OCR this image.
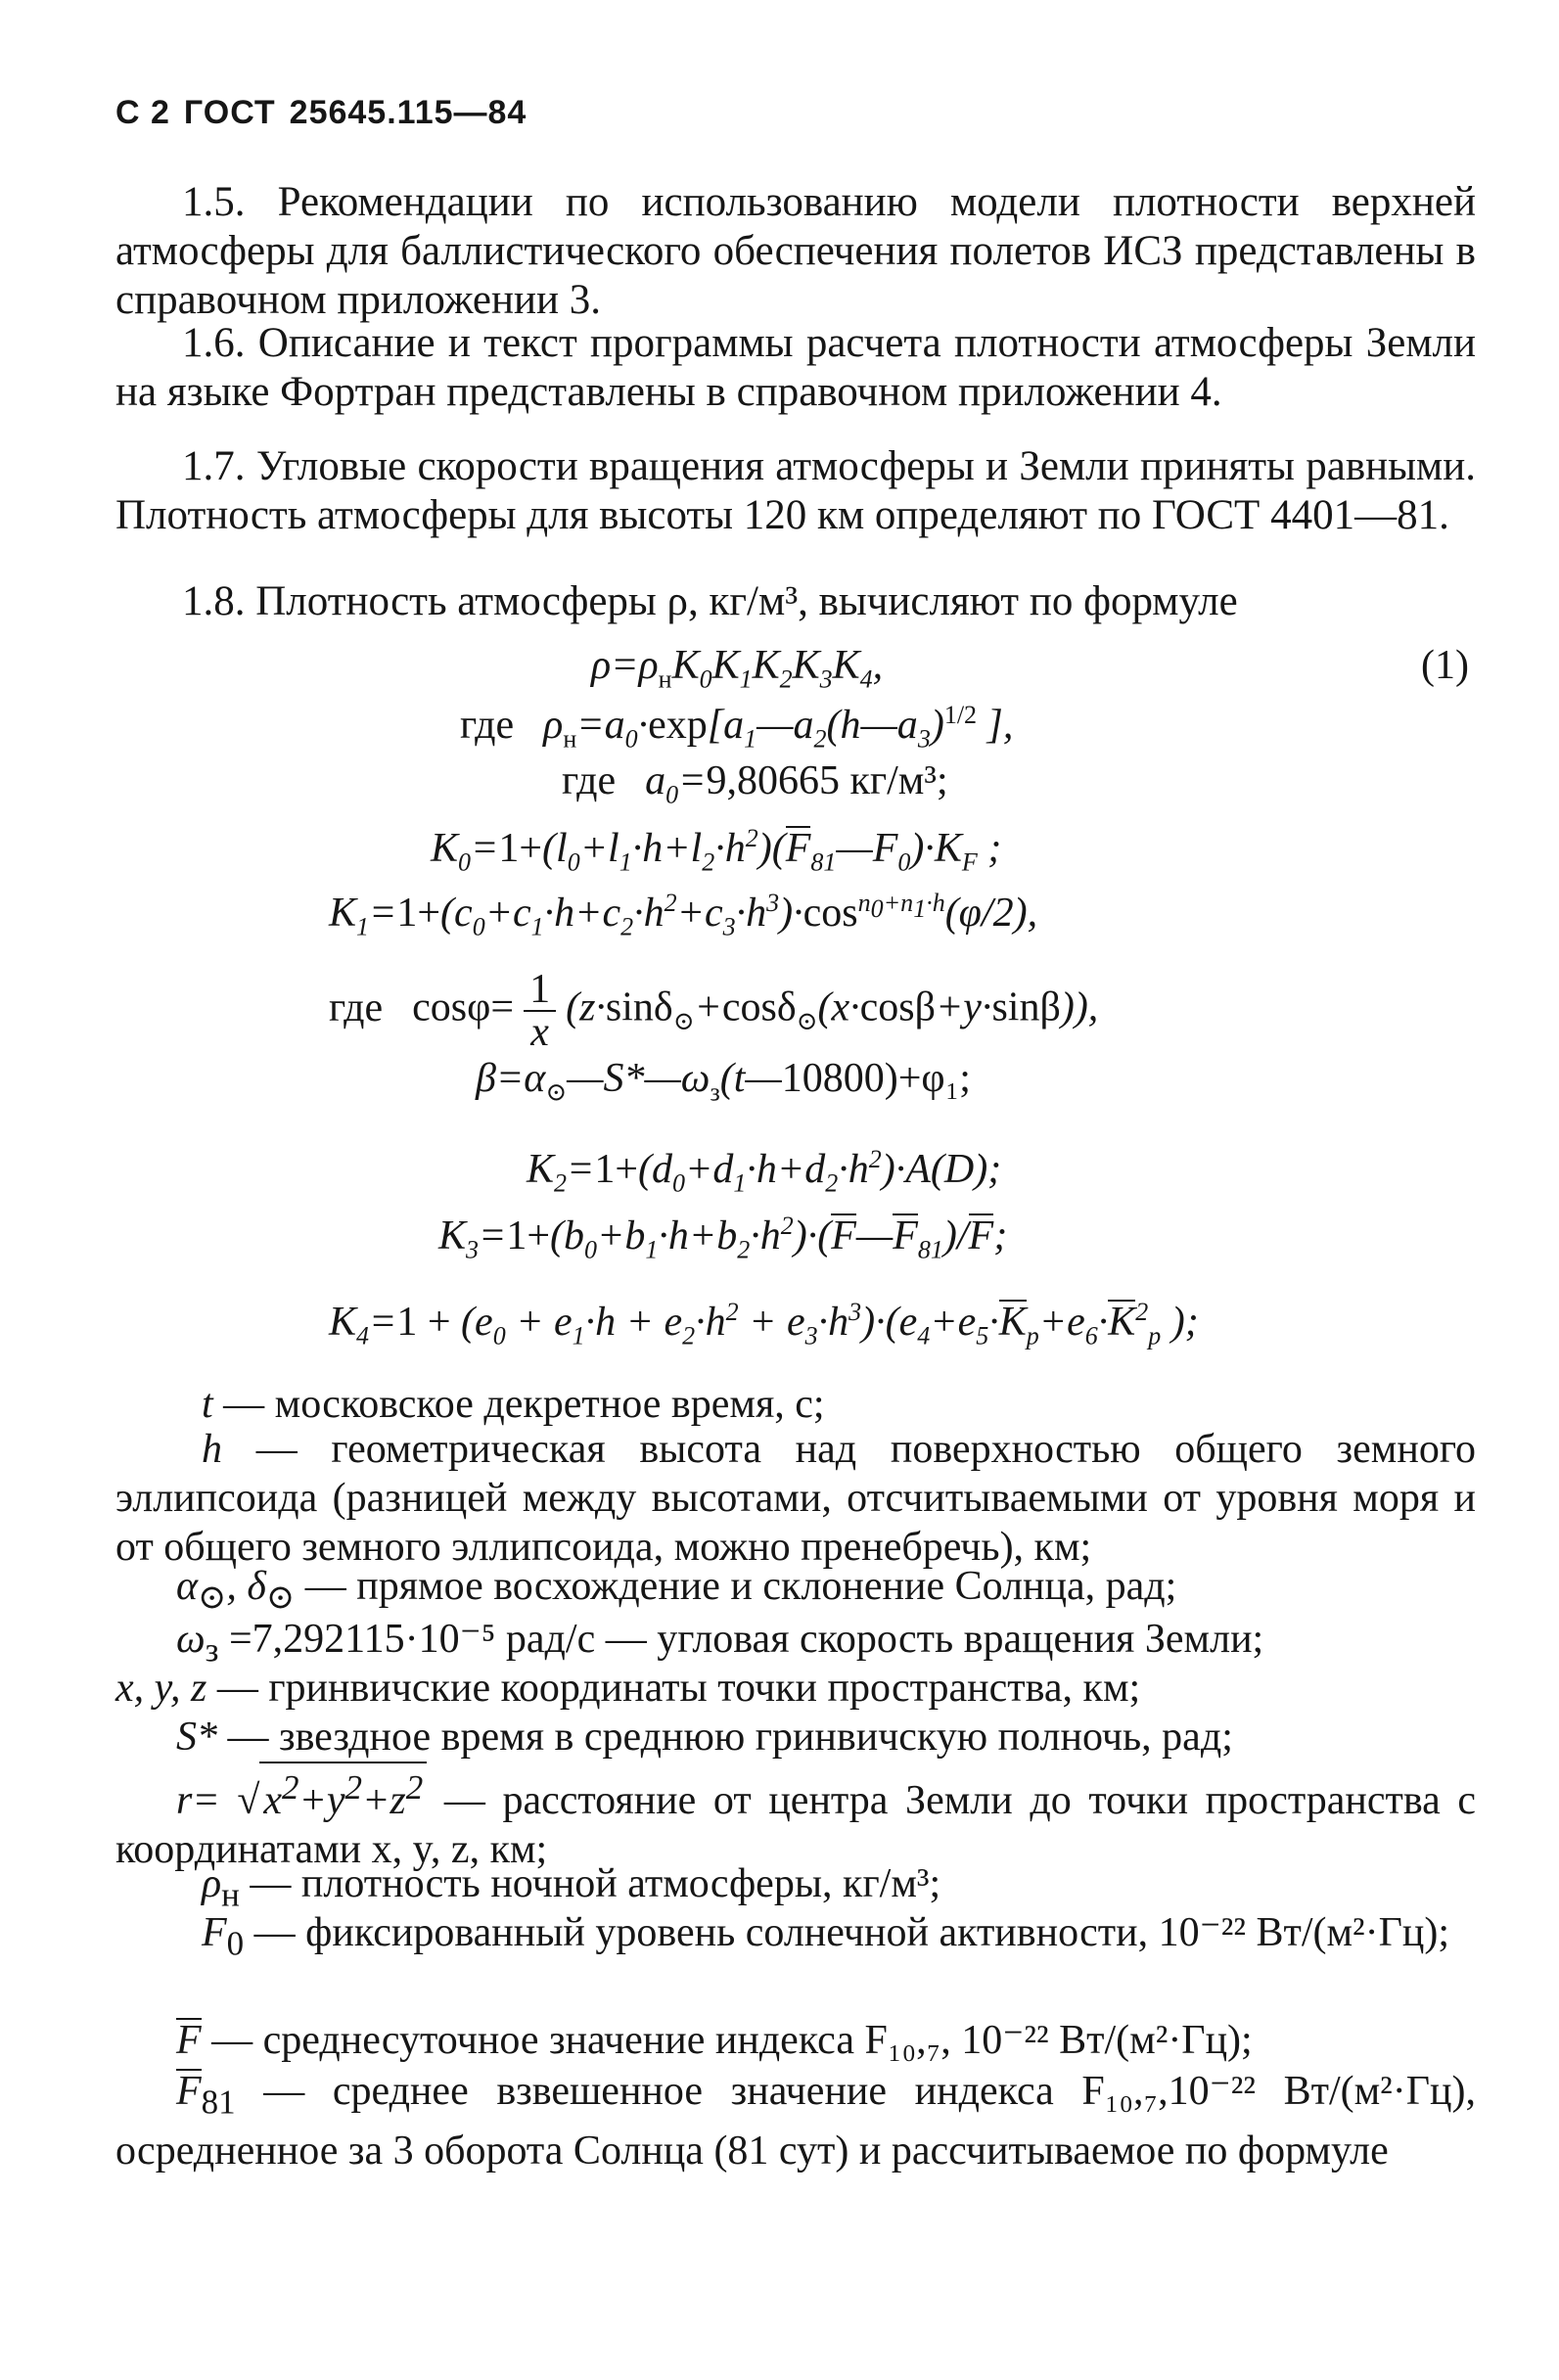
С 2 ГОСТ 25645.115—84
1.5. Рекомендации по использованию модели плотности верхней атмосферы для баллистического обеспечения полетов ИСЗ представлены в справочном приложении 3.
1.6. Описание и текст программы расчета плотности атмосферы Земли на языке Фортран представлены в справочном приложении 4.
1.7. Угловые скорости вращения атмосферы и Земли приняты равными. Плотность атмосферы для высоты 120 км определяют по ГОСТ 4401—81.
1.8. Плотность атмосферы ρ, кг/м³, вычисляют по формуле
$\rho=\rho_нK_0K_1K_2K_3K_4$,	(1)
где $\rho_н=a_0\cdot\exp[a_1—a_2(h—a_3)^{1/2}$ ],
где $a_0=9,80665$ кг/м³;
$K_0=1+(l_0+l_1\cdot h+l_2\cdot h^2)(F_{81}—F_0)\cdot K_F$ ;
$K_1=1+(c_0+c_1\cdot h+c_2\cdot h^2+c_3\cdot h^3)\cdot\cos^{n_0+n_1\cdot h}(\varphi/2)$,
где $\cos\varphi= \frac{1}{x} (z\cdot\sin\delta_⊙+\cos\delta_⊙(x\cdot\cos\beta+y\cdot\sin\beta))$,
$\beta=\alpha_⊙—S*—\omega_з(t—10800)+\varphi_1$;
$K_2=1+(d_0+d_1\cdot h+d_2\cdot h^2)\cdot A(D)$;
$K_3=1+(b_0+b_1\cdot h+b_2\cdot h^2)\cdot(F—F_{81})/F$;
$K_4=1 + (e_0 + e_1\cdot h + e_2\cdot h^2 + e_3\cdot h^3)\cdot(e_4+e_5\cdot K_p+e_6\cdot K^2_p$ );
t — московское декретное время, с;
h — геометрическая высота над поверхностью общего земного эллипсоида (разницей между высотами, отсчитываемыми от уровня моря и от общего земного эллипсоида, можно пренебречь), км;
$\alpha_⊙$, $\delta_⊙$ — прямое восхождение и склонение Солнца, рад;
$\omega_з =7,292115\cdot 10^{-5}$ рад/с — угловая скорость вращения Земли;
x, y, z — гринвичские координаты точки пространства, км;
S* — звездное время в среднюю гринвичскую полночь, рад;
$r= √x^2+y^2+z^2$ — расстояние от центра Земли до точки пространства с координатами x, y, z, км;
$\rho_н$ — плотность ночной атмосферы, кг/м³;
$F_0$ — фиксированный уровень солнечной активности, 10⁻²² Вт/(м²·Гц);
F — среднесуточное значение индекса F₁₀,₇, 10⁻²² Вт/(м²·Гц);
$F_{81}$ — среднее взвешенное значение индекса F₁₀,₇,10⁻²² Вт/(м²·Гц), осредненное за 3 оборота Солнца (81 сут) и рассчитываемое по формуле
